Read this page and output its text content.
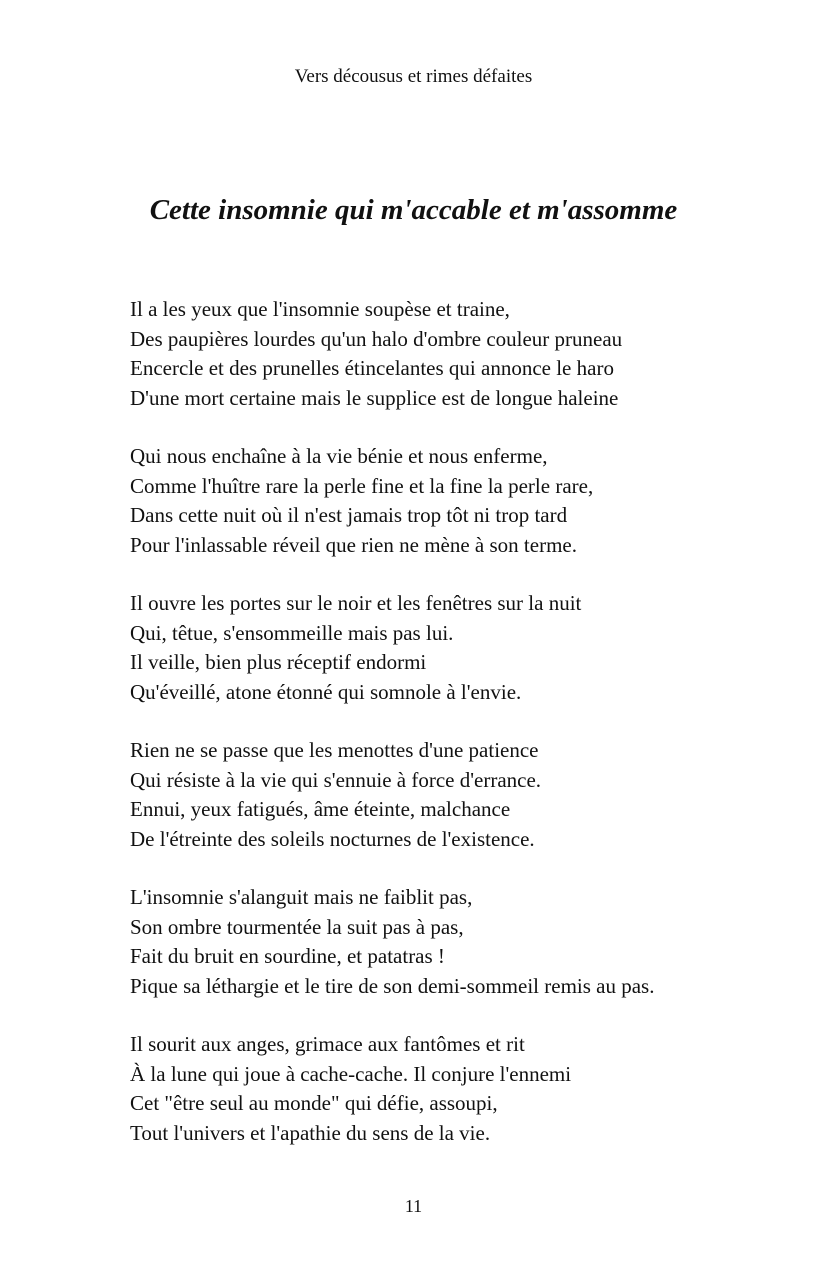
Vers décousus et rimes défaites
Cette insomnie qui m'accable et m'assomme
Il a les yeux que l'insomnie soupèse et traine,
Des paupières lourdes qu'un halo d'ombre couleur pruneau
Encercle et des prunelles étincelantes qui annonce le haro
D'une mort certaine mais le supplice est de longue haleine
Qui nous enchaîne à la vie bénie et nous enferme,
Comme l'huître rare la perle fine et la fine la perle rare,
Dans cette nuit où il n'est jamais trop tôt ni trop tard
Pour l'inlassable réveil que rien ne mène à son terme.
Il ouvre les portes sur le noir et les fenêtres sur la nuit
Qui, têtue, s'ensommeille mais pas lui.
Il veille, bien plus réceptif endormi
Qu'éveillé, atone étonné qui somnole à l'envie.
Rien ne se passe que les menottes d'une patience
Qui résiste à la vie qui s'ennuie à force d'errance.
Ennui, yeux fatigués, âme éteinte, malchance
De l'étreinte des soleils nocturnes de l'existence.
L'insomnie s'alanguit mais ne faiblit pas,
Son ombre tourmentée la suit pas à pas,
Fait du bruit en sourdine, et patatras !
Pique sa léthargie et le tire de son demi-sommeil remis au pas.
Il sourit aux anges, grimace aux fantômes et rit
À la lune qui joue à cache-cache. Il conjure l'ennemi
Cet "être seul au monde" qui défie, assoupi,
Tout l'univers et l'apathie du sens de la vie.
11
